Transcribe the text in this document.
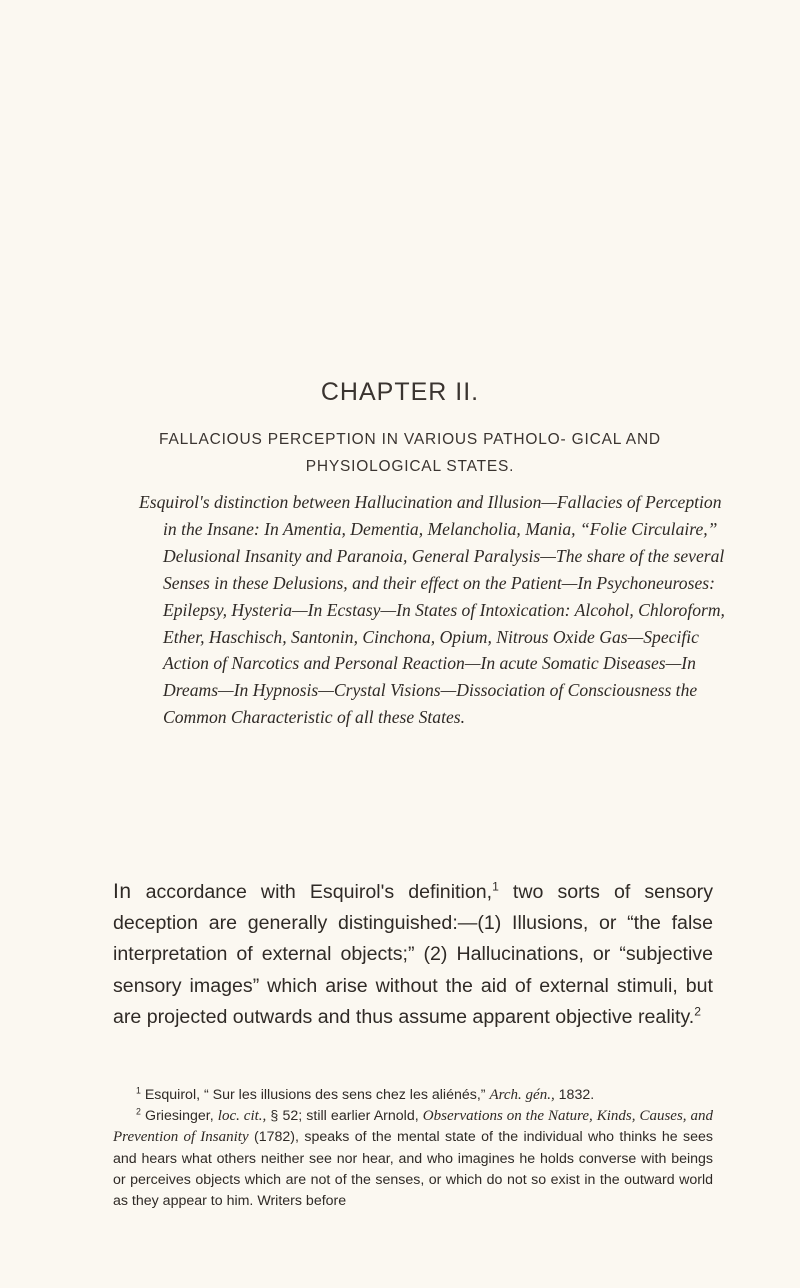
CHAPTER II.
FALLACIOUS PERCEPTION IN VARIOUS PATHOLO- GICAL AND PHYSIOLOGICAL STATES.
Esquirol's distinction between Hallucination and Illusion—Fallacies of Perception in the Insane: In Amentia, Dementia, Melancholia, Mania, “Folie Circulaire,” Delusional Insanity and Paranoia, General Paralysis—The share of the several Senses in these Delusions, and their effect on the Patient—In Psychoneuroses: Epilepsy, Hysteria—In Ecstasy—In States of Intoxication: Alcohol, Chloroform, Ether, Haschisch, Santonin, Cinchona, Opium, Nitrous Oxide Gas—Specific Action of Narcotics and Personal Reaction—In acute Somatic Diseases—In Dreams—In Hypnosis—Crystal Visions—Dissociation of Consciousness the Common Characteristic of all these States.
In accordance with Esquirol's definition,$^1$ two sorts of sensory deception are generally distinguished:—(1) Illusions, or “the false interpretation of external objects;” (2) Hallucinations, or “subjective sensory images” which arise without the aid of external stimuli, but are projected outwards and thus assume apparent objective reality.$^2$

$^1$ Esquirol, “ Sur les illusions des sens chez les aliénés,” Arch. gén., 1832.

$^2$ Griesinger, loc. cit., § 52; still earlier Arnold, Observations on the Nature, Kinds, Causes, and Prevention of Insanity (1782), speaks of the mental state of the individual who thinks he sees and hears what others neither see nor hear, and who imagines he holds converse with beings or perceives objects which are not of the senses, or which do not so exist in the outward world as they appear to him. Writers before
